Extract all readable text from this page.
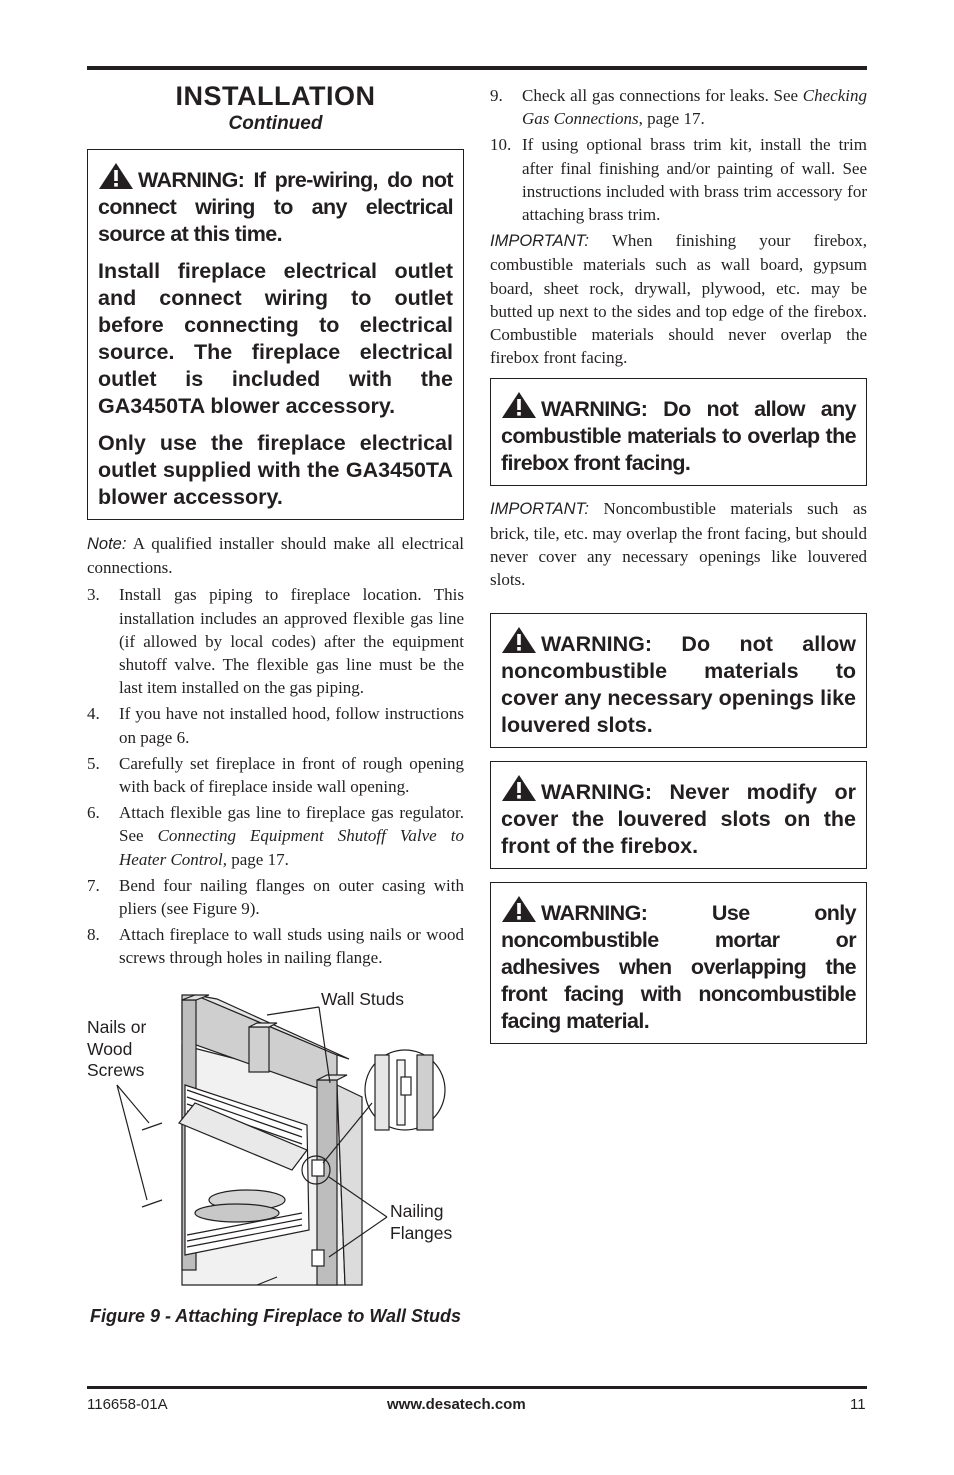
INSTALLATION

Continued

WARNING: If pre-wiring, do not connect wiring to any electrical source at this time.

Install fireplace electrical outlet and connect wiring to outlet before connecting to electrical source. The fireplace electrical outlet is included with the GA3450TA blower accessory.

Only use the fireplace electrical outlet supplied with the GA3450TA blower accessory.

Note: A qualified installer should make all electrical connections.

3. Install gas piping to fireplace location. This installation includes an approved flexible gas line (if allowed by local codes) after the equipment shutoff valve. The flexible gas line must be the last item installed on the gas piping.
4. If you have not installed hood, follow instructions on page 6.
5. Carefully set fireplace in front of rough opening with back of fireplace inside wall opening.
6. Attach flexible gas line to fireplace gas regulator. See Connecting Equipment Shutoff Valve to Heater Control, page 17.
7. Bend four nailing flanges on outer casing with pliers (see Figure 9).
8. Attach fireplace to wall studs using nails or wood screws through holes in nailing flange.
Wall Studs
Nails or
Wood
Screws
Nailing
Flanges
Figure 9 - Attaching Fireplace to Wall Studs
9. Check all gas connections for leaks. See Checking Gas Connections, page 17.
10. If using optional brass trim kit, install the trim after final finishing and/or painting of wall. See instructions included with brass trim accessory for attaching brass trim.

IMPORTANT: When finishing your firebox, combustible materials such as wall board, gypsum board, sheet rock, drywall, plywood, etc. may be butted up next to the sides and top edge of the firebox. Combustible materials should never overlap the firebox front facing.

WARNING: Do not allow any combustible materials to overlap the firebox front facing.

IMPORTANT: Noncombustible materials such as brick, tile, etc. may overlap the front facing, but should never cover any necessary openings like louvered slots.

WARNING: Do not allow noncombustible materials to cover any necessary openings like louvered slots.
WARNING: Never modify or cover the louvered slots on the front of the firebox.
WARNING: Use only noncombustible mortar or adhesives when overlapping the front facing with noncombustible facing material.
116658-01A	www.desatech.com	11
